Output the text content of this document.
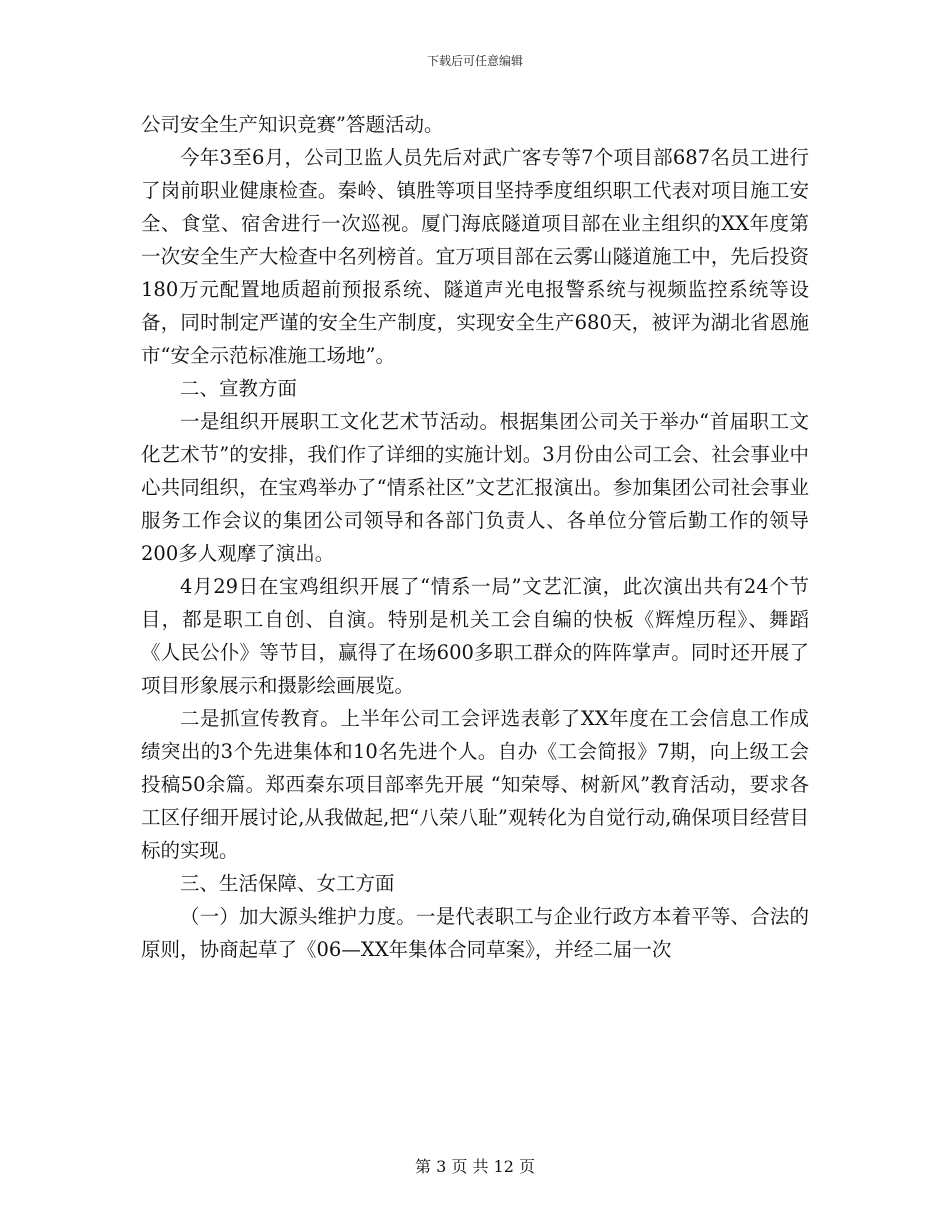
下载后可任意编辑

公司安全生产知识竞赛”答题活动。

今年3至6月，公司卫监人员先后对武广客专等7个项目部687名员工进行了岗前职业健康检查。秦岭、镇胜等项目坚持季度组织职工代表对项目施工安全、食堂、宿舍进行一次巡视。厦门海底隧道项目部在业主组织的XX年度第一次安全生产大检查中名列榜首。宜万项目部在云雾山隧道施工中，先后投资180万元配置地质超前预报系统、隧道声光电报警系统与视频监控系统等设备，同时制定严谨的安全生产制度，实现安全生产680天，被评为湖北省恩施市“安全示范标准施工场地”。

二、宣教方面

一是组织开展职工文化艺术节活动。根据集团公司关于举办“首届职工文化艺术节”的安排，我们作了详细的实施计划。3月份由公司工会、社会事业中心共同组织，在宝鸡举办了“情系社区”文艺汇报演出。参加集团公司社会事业服务工作会议的集团公司领导和各部门负责人、各单位分管后勤工作的领导200多人观摩了演出。

4月29日在宝鸡组织开展了“情系一局”文艺汇演，此次演出共有24个节目，都是职工自创、自演。特别是机关工会自编的快板《辉煌历程》、舞蹈《人民公仆》等节目，赢得了在场600多职工群众的阵阵掌声。同时还开展了项目形象展示和摄影绘画展览。

二是抓宣传教育。上半年公司工会评选表彰了XX年度在工会信息工作成绩突出的3个先进集体和10名先进个人。自办《工会简报》7期，向上级工会投稿50余篇。郑西秦东项目部率先开展 “知荣辱、树新风”教育活动，要求各工区仔细开展讨论,从我做起,把“八荣八耻”观转化为自觉行动,确保项目经营目标的实现。

三、生活保障、女工方面

（一）加大源头维护力度。一是代表职工与企业行政方本着平等、合法的原则，协商起草了《06—XX年集体合同草案》，并经二届一次

第 3 页 共 12 页
